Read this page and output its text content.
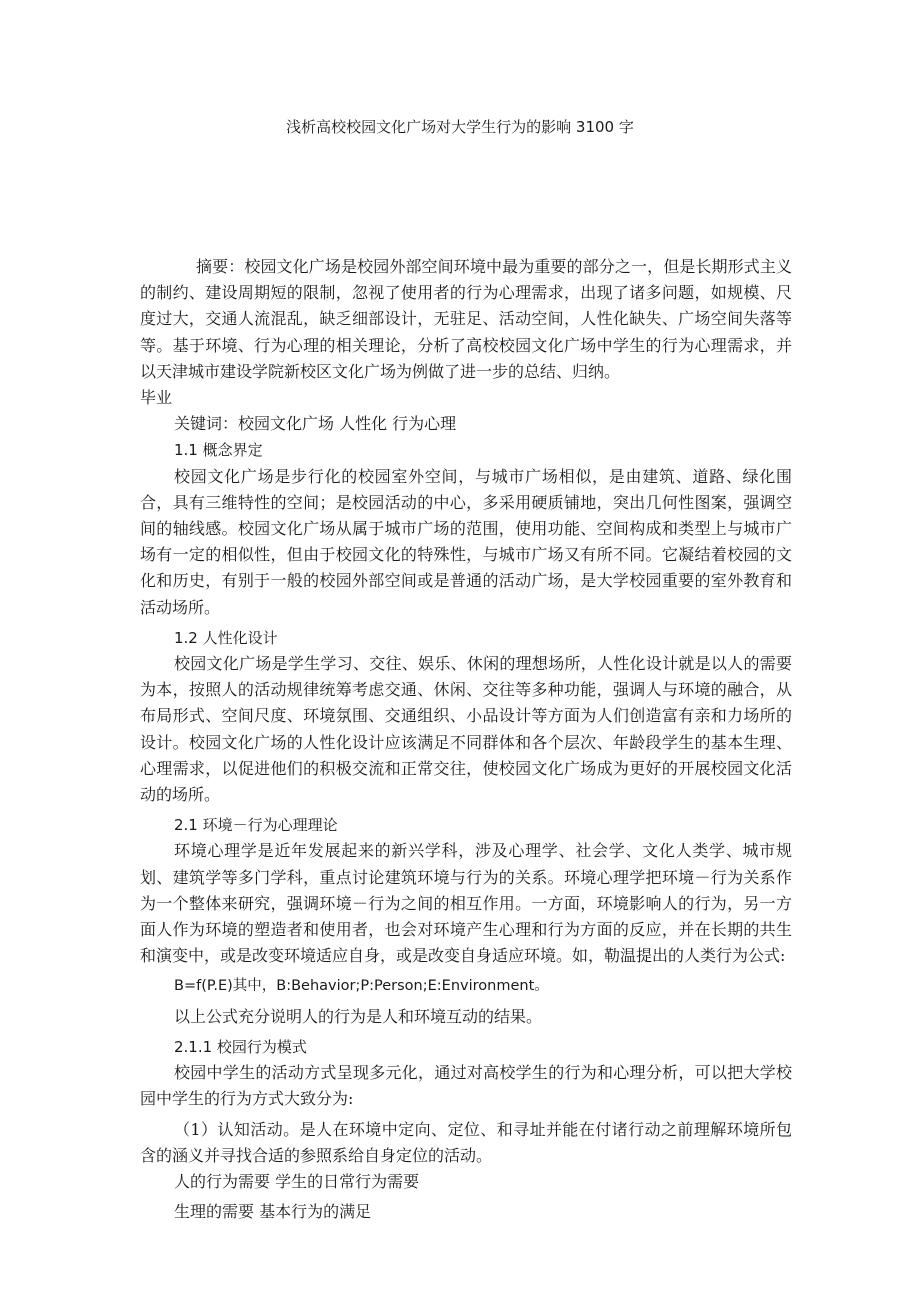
浅析高校校园文化广场对大学生行为的影响 3100 字

摘要：校园文化广场是校园外部空间环境中最为重要的部分之一，但是长期形式主义的制约、建设周期短的限制，忽视了使用者的行为心理需求，出现了诸多问题，如规模、尺度过大，交通人流混乱，缺乏细部设计，无驻足、活动空间，人性化缺失、广场空间失落等等。基于环境、行为心理的相关理论，分析了高校校园文化广场中学生的行为心理需求，并以天津城市建设学院新校区文化广场为例做了进一步的总结、归纳。

毕业

关键词：校园文化广场 人性化 行为心理

1.1 概念界定

校园文化广场是步行化的校园室外空间，与城市广场相似，是由建筑、道路、绿化围合，具有三维特性的空间；是校园活动的中心，多采用硬质铺地，突出几何性图案，强调空间的轴线感。校园文化广场从属于城市广场的范围，使用功能、空间构成和类型上与城市广场有一定的相似性，但由于校园文化的特殊性，与城市广场又有所不同。它凝结着校园的文化和历史，有别于一般的校园外部空间或是普通的活动广场，是大学校园重要的室外教育和活动场所。

1.2 人性化设计

校园文化广场是学生学习、交往、娱乐、休闲的理想场所，人性化设计就是以人的需要为本，按照人的活动规律统筹考虑交通、休闲、交往等多种功能，强调人与环境的融合，从布局形式、空间尺度、环境氛围、交通组织、小品设计等方面为人们创造富有亲和力场所的设计。校园文化广场的人性化设计应该满足不同群体和各个层次、年龄段学生的基本生理、心理需求，以促进他们的积极交流和正常交往，使校园文化广场成为更好的开展校园文化活动的场所。

2.1 环境－行为心理理论

环境心理学是近年发展起来的新兴学科，涉及心理学、社会学、文化人类学、城市规划、建筑学等多门学科，重点讨论建筑环境与行为的关系。环境心理学把环境－行为关系作为一个整体来研究，强调环境－行为之间的相互作用。一方面，环境影响人的行为，另一方面人作为环境的塑造者和使用者，也会对环境产生心理和行为方面的反应，并在长期的共生和演变中，或是改变环境适应自身，或是改变自身适应环境。如，勒温提出的人类行为公式:

B=f(P.E)其中，B:Behavior;P:Person;E:Environment。

以上公式充分说明人的行为是人和环境互动的结果。

2.1.1 校园行为模式

校园中学生的活动方式呈现多元化，通过对高校学生的行为和心理分析，可以把大学校园中学生的行为方式大致分为:

（1）认知活动。是人在环境中定向、定位、和寻址并能在付诸行动之前理解环境所包含的涵义并寻找合适的参照系给自身定位的活动。

人的行为需要 学生的日常行为需要

生理的需要 基本行为的满足
